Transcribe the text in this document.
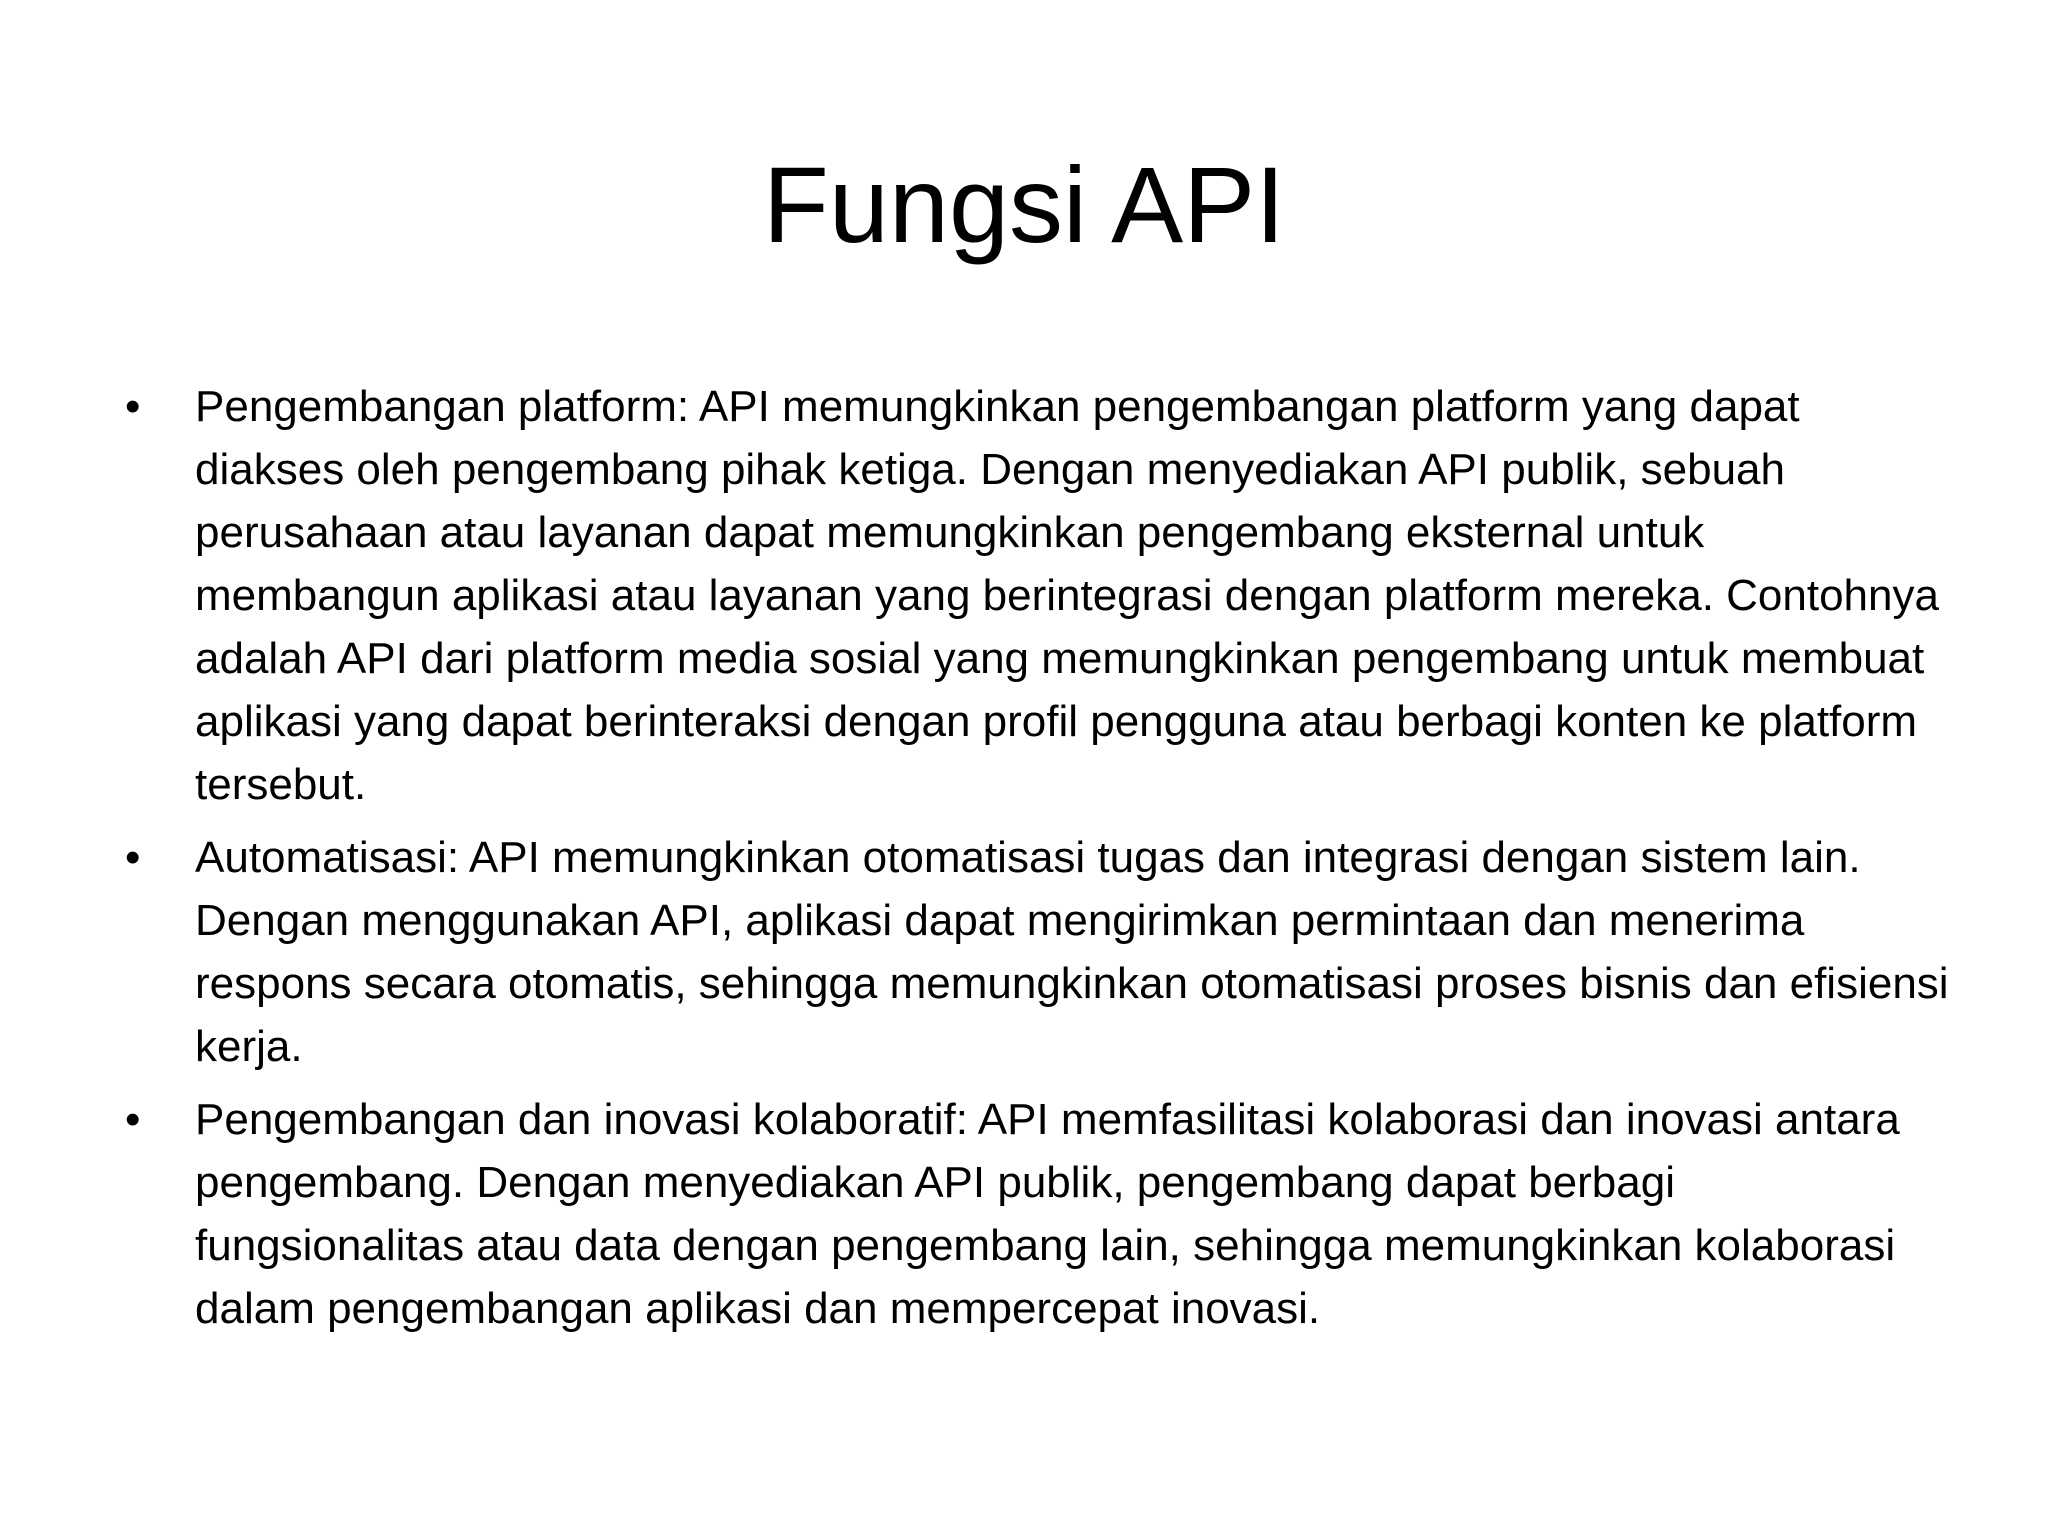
Fungsi API
• Pengembangan platform: API memungkinkan pengembangan platform yang dapat diakses oleh pengembang pihak ketiga. Dengan menyediakan API publik, sebuah perusahaan atau layanan dapat memungkinkan pengembang eksternal untuk membangun aplikasi atau layanan yang berintegrasi dengan platform mereka. Contohnya adalah API dari platform media sosial yang memungkinkan pengembang untuk membuat aplikasi yang dapat berinteraksi dengan profil pengguna atau berbagi konten ke platform tersebut.
• Automatisasi: API memungkinkan otomatisasi tugas dan integrasi dengan sistem lain. Dengan menggunakan API, aplikasi dapat mengirimkan permintaan dan menerima respons secara otomatis, sehingga memungkinkan otomatisasi proses bisnis dan efisiensi kerja.
• Pengembangan dan inovasi kolaboratif: API memfasilitasi kolaborasi dan inovasi antara pengembang. Dengan menyediakan API publik, pengembang dapat berbagi fungsionalitas atau data dengan pengembang lain, sehingga memungkinkan kolaborasi dalam pengembangan aplikasi dan mempercepat inovasi.
